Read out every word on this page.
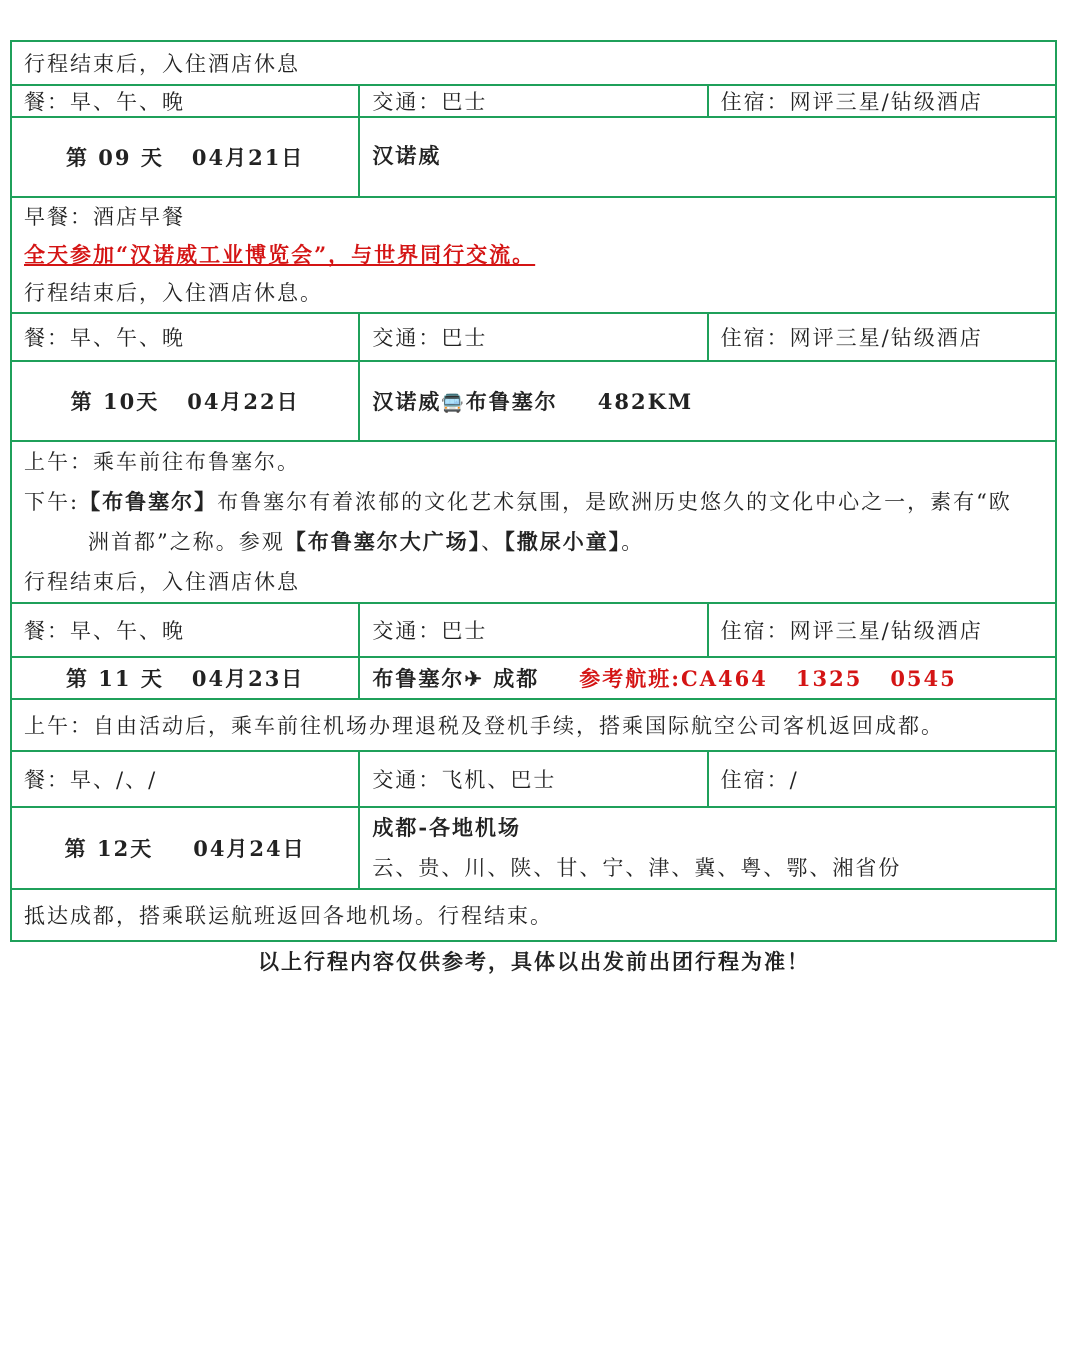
行程结束后，入住酒店休息		
餐：早、午、晚	交通：巴士	住宿：网评三星/钻级酒店
第 09 天 04月21日	汉诺威	

早餐：酒店早餐
全天参加“汉诺威工业博览会”，与世界同行交流。
行程结束后，入住酒店休息。		

餐：早、午、晚	交通：巴士	住宿：网评三星/钻级酒店
第 10天 04月22日	汉诺威🚍布鲁塞尔 482KM	

上午：乘车前往布鲁塞尔。
下午:【布鲁塞尔】布鲁塞尔有着浓郁的文化艺术氛围，是欧洲历史悠久的文化中心之一，素有“欧
洲首都”之称。参观【布鲁塞尔大广场】、【撒尿小童】。
行程结束后，入住酒店休息		

餐：早、午、晚	交通：巴士	住宿：网评三星/钻级酒店
第 11 天 04月23日	布鲁塞尔✈ 成都 参考航班:CA464 1325 0545	
上午：自由活动后，乘车前往机场办理退税及登机手续，搭乘国际航空公司客机返回成都。		
餐：早、/、/	交通：飞机、巴士	住宿：/
第 12天 04月24日	成都-各地机场
云、贵、川、陕、甘、宁、津、冀、粤、鄂、湘省份	

抵达成都，搭乘联运航班返回各地机场。行程结束。		
以上行程内容仅供参考，具体以出发前出团行程为准！
